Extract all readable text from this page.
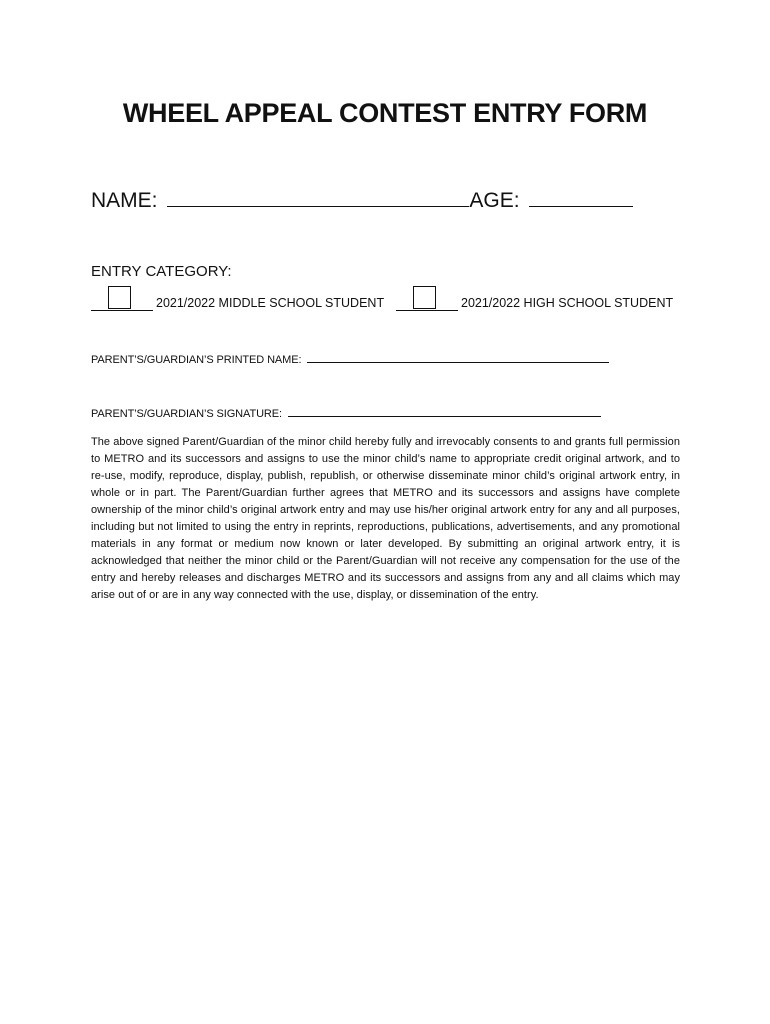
WHEEL APPEAL CONTEST ENTRY FORM
NAME:	AGE:
ENTRY CATEGORY:
2021/2022 MIDDLE SCHOOL STUDENT	2021/2022 HIGH SCHOOL STUDENT
PARENT’S/GUARDIAN’S PRINTED NAME:
PARENT’S/GUARDIAN’S SIGNATURE:
The above signed Parent/Guardian of the minor child hereby fully and irrevocably consents to and grants full permission to METRO and its successors and assigns to use the minor child’s name to appropriate credit original artwork, and to re-use, modify, reproduce, display, publish, republish, or otherwise disseminate minor child’s original artwork entry, in whole or in part. The Parent/Guardian further agrees that METRO and its successors and assigns have complete ownership of the minor child’s original artwork entry and may use his/her original artwork entry for any and all purposes, including but not limited to using the entry in reprints, reproductions, publications, advertisements, and any promotional materials in any format or medium now known or later developed. By submitting an original artwork entry, it is acknowledged that neither the minor child or the Parent/Guardian will not receive any compensation for the use of the entry and hereby releases and discharges METRO and its successors and assigns from any and all claims which may arise out of or are in any way connected with the use, display, or dissemination of the entry.
